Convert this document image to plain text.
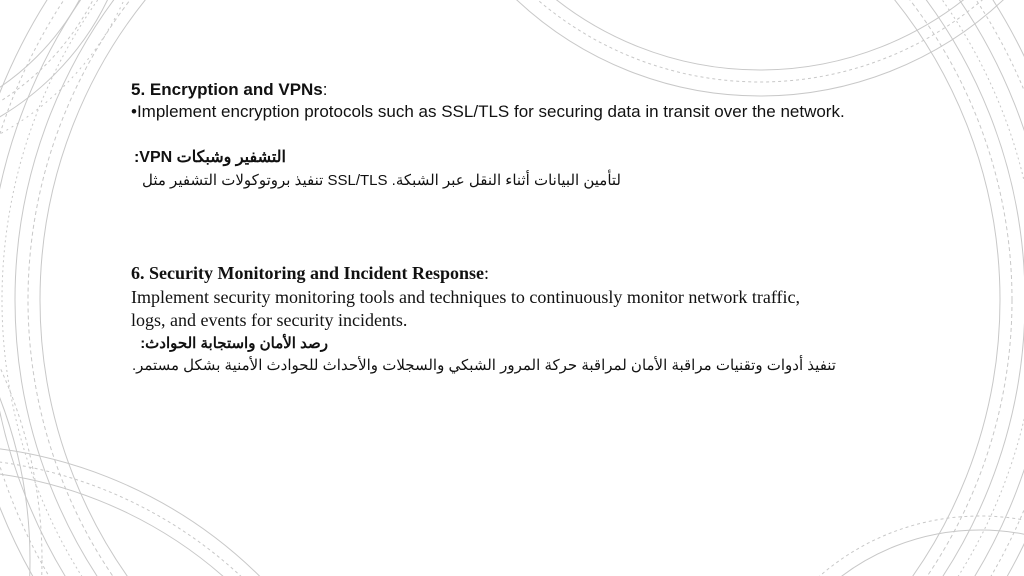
5. Encryption and VPNs:
•Implement encryption protocols such as SSL/TLS for securing data in transit over the network.
التشفير وشبكات VPN:
لتأمين البيانات أثناء النقل عبر الشبكة. SSL/TLS تنفيذ بروتوكولات التشفير مثل
6. Security Monitoring and Incident Response:
Implement security monitoring tools and techniques to continuously monitor network traffic,
logs, and events for security incidents.
رصد الأمان واستجابة الحوادث:
تنفيذ أدوات وتقنيات مراقبة الأمان لمراقبة حركة المرور الشبكي والسجلات والأحداث للحوادث الأمنية بشكل مستمر.
